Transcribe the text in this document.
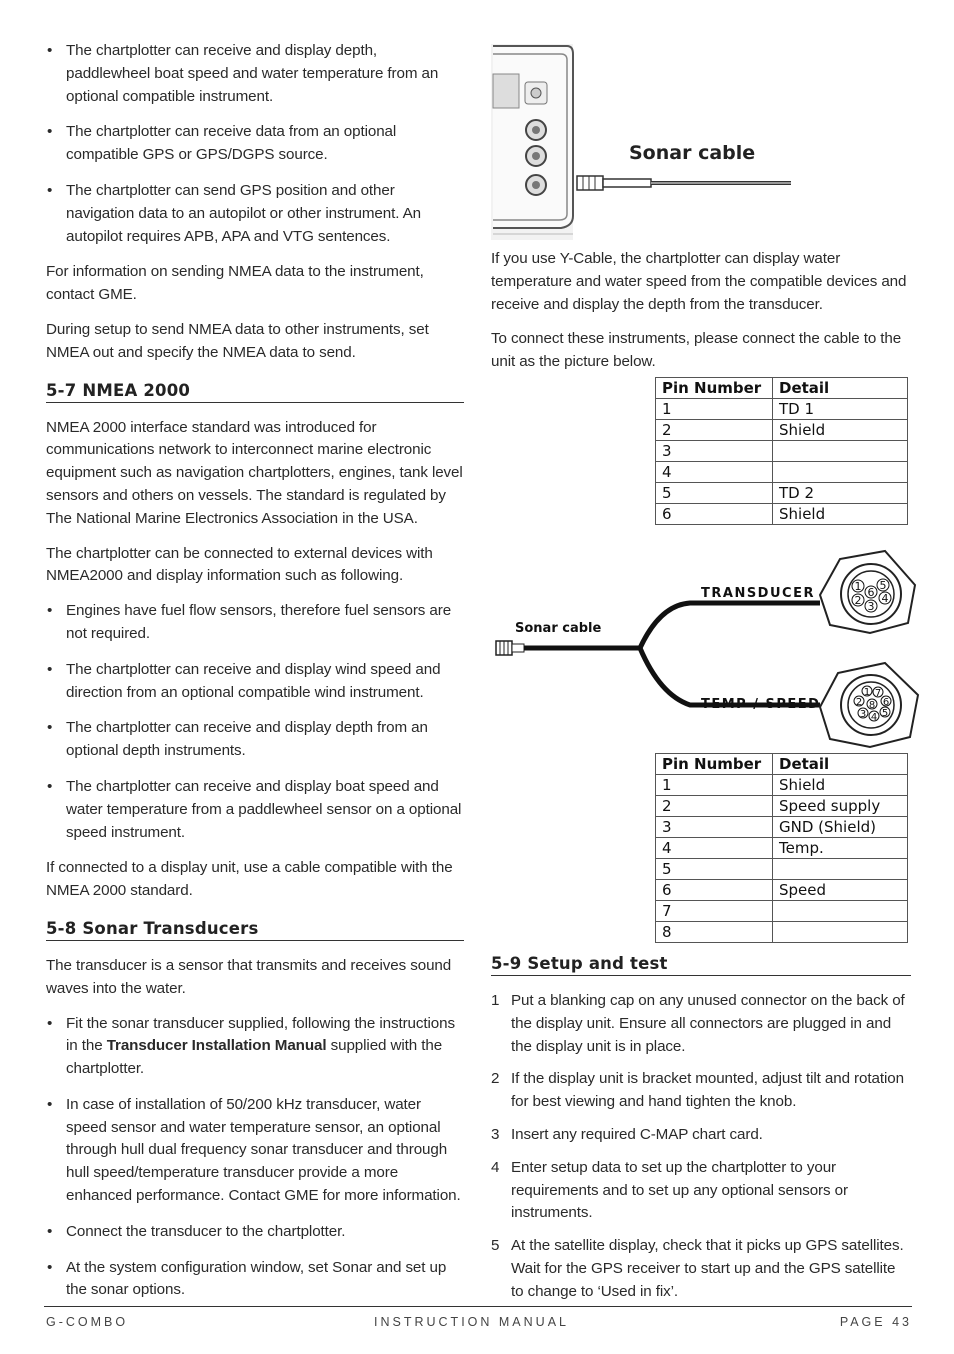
• The chartplotter can receive and display depth, paddlewheel boat speed and water temperature from an optional compatible instrument.
• The chartplotter can receive data from an optional compatible GPS or GPS/DGPS source.
• The chartplotter can send GPS position and other navigation data to an autopilot or other instrument. An autopilot requires APB, APA and VTG sentences.

For information on sending NMEA data to the instrument, contact GME.

During setup to send NMEA data to other instruments, set NMEA out and specify the NMEA data to send.

5-7 NMEA 2000

NMEA 2000 interface standard was introduced for communications network to interconnect marine electronic equipment such as navigation chartplotters, engines, tank level sensors and others on vessels. The standard is regulated by The National Marine Electronics Association in the USA.

The chartplotter can be connected to external devices with NMEA2000 and display information such as following.

• Engines have fuel flow sensors, therefore fuel sensors are not required.
• The chartplotter can receive and display wind speed and direction from an optional compatible wind instrument.
• The chartplotter can receive and display depth from an optional depth instruments.
• The chartplotter can receive and display boat speed and water temperature from a paddlewheel sensor on a optional speed instrument.

If connected to a display unit, use a cable compatible with the NMEA 2000 standard.

5-8 Sonar Transducers

The transducer is a sensor that transmits and receives sound waves into the water.

• Fit the sonar transducer supplied, following the instructions in the Transducer Installation Manual supplied with the chartplotter.
• In case of installation of 50/200 kHz transducer, water speed sensor and water temperature sensor, an optional through hull dual frequency sonar transducer and through hull speed/temperature transducer provide a more enhanced performance. Contact GME for more information.
• Connect the transducer to the chartplotter.
• At the system configuration window, set Sonar and set up the sonar options.
Sonar cable

If you use Y-Cable, the chartplotter can display water temperature and water speed from the compatible devices and receive and display the depth from the transducer.

To connect these instruments, please connect the cable to the unit as the picture below.

Pin Number	Detail
1	TD 1
2	Shield
3	
4	
5	TD 2
6	Shield
1 6
5
2 3
4
1 7
6
2 8
5
3 4
TRANSDUCER
Sonar cable
TEMP / SPEED
Pin Number	Detail
1	Shield
2	Speed supply
3	GND (Shield)
4	Temp.
5	
6	Speed
7	
8	
5-9 Setup and test
1 Put a blanking cap on any unused connector on the back of the display unit. Ensure all connectors are plugged in and the display unit is in place.
2 If the display unit is bracket mounted, adjust tilt and rotation for best viewing and hand tighten the knob.
3 Insert any required C-MAP chart card.
4 Enter setup data to set up the chartplotter to your requirements and to set up any optional sensors or instruments.
5 At the satellite display, check that it picks up GPS satellites. Wait for the GPS receiver to start up and the GPS satellite to change to ‘Used in fix’.
G-COMBO	INSTRUCTION MANUAL	PAGE 43
